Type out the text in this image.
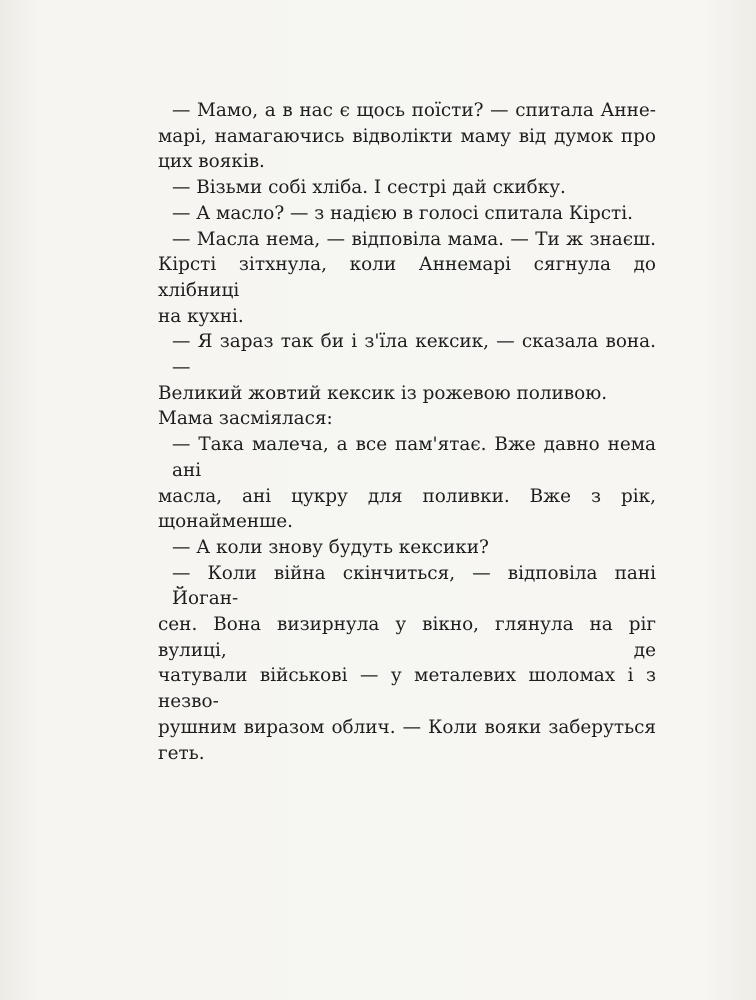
— Мамо, а в нас є щось поїсти? — спитала Анне-
марі, намагаючись відволікти маму від думок про
цих вояків.

— Візьми собі хліба. І сестрі дай скибку.

— А масло? — з надією в голосі спитала Кірсті.

— Масла нема, — відповіла мама. — Ти ж знаєш.

Кірсті зітхнула, коли Аннемарі сягнула до хлібниці
на кухні.

— Я зараз так би і з'їла кексик, — сказала вона. —
Великий жовтий кексик із рожевою поливою.

Мама засміялася:

— Така малеча, а все пам'ятає. Вже давно нема ані
масла, ані цукру для поливки. Вже з рік, щонайменше.

— А коли знову будуть кексики?

— Коли війна скінчиться, — відповіла пані Йоган-
сен. Вона визирнула у вікно, глянула на ріг вулиці, де
чатували військові — у металевих шоломах і з незво-
рушним виразом облич. — Коли вояки заберуться геть.
